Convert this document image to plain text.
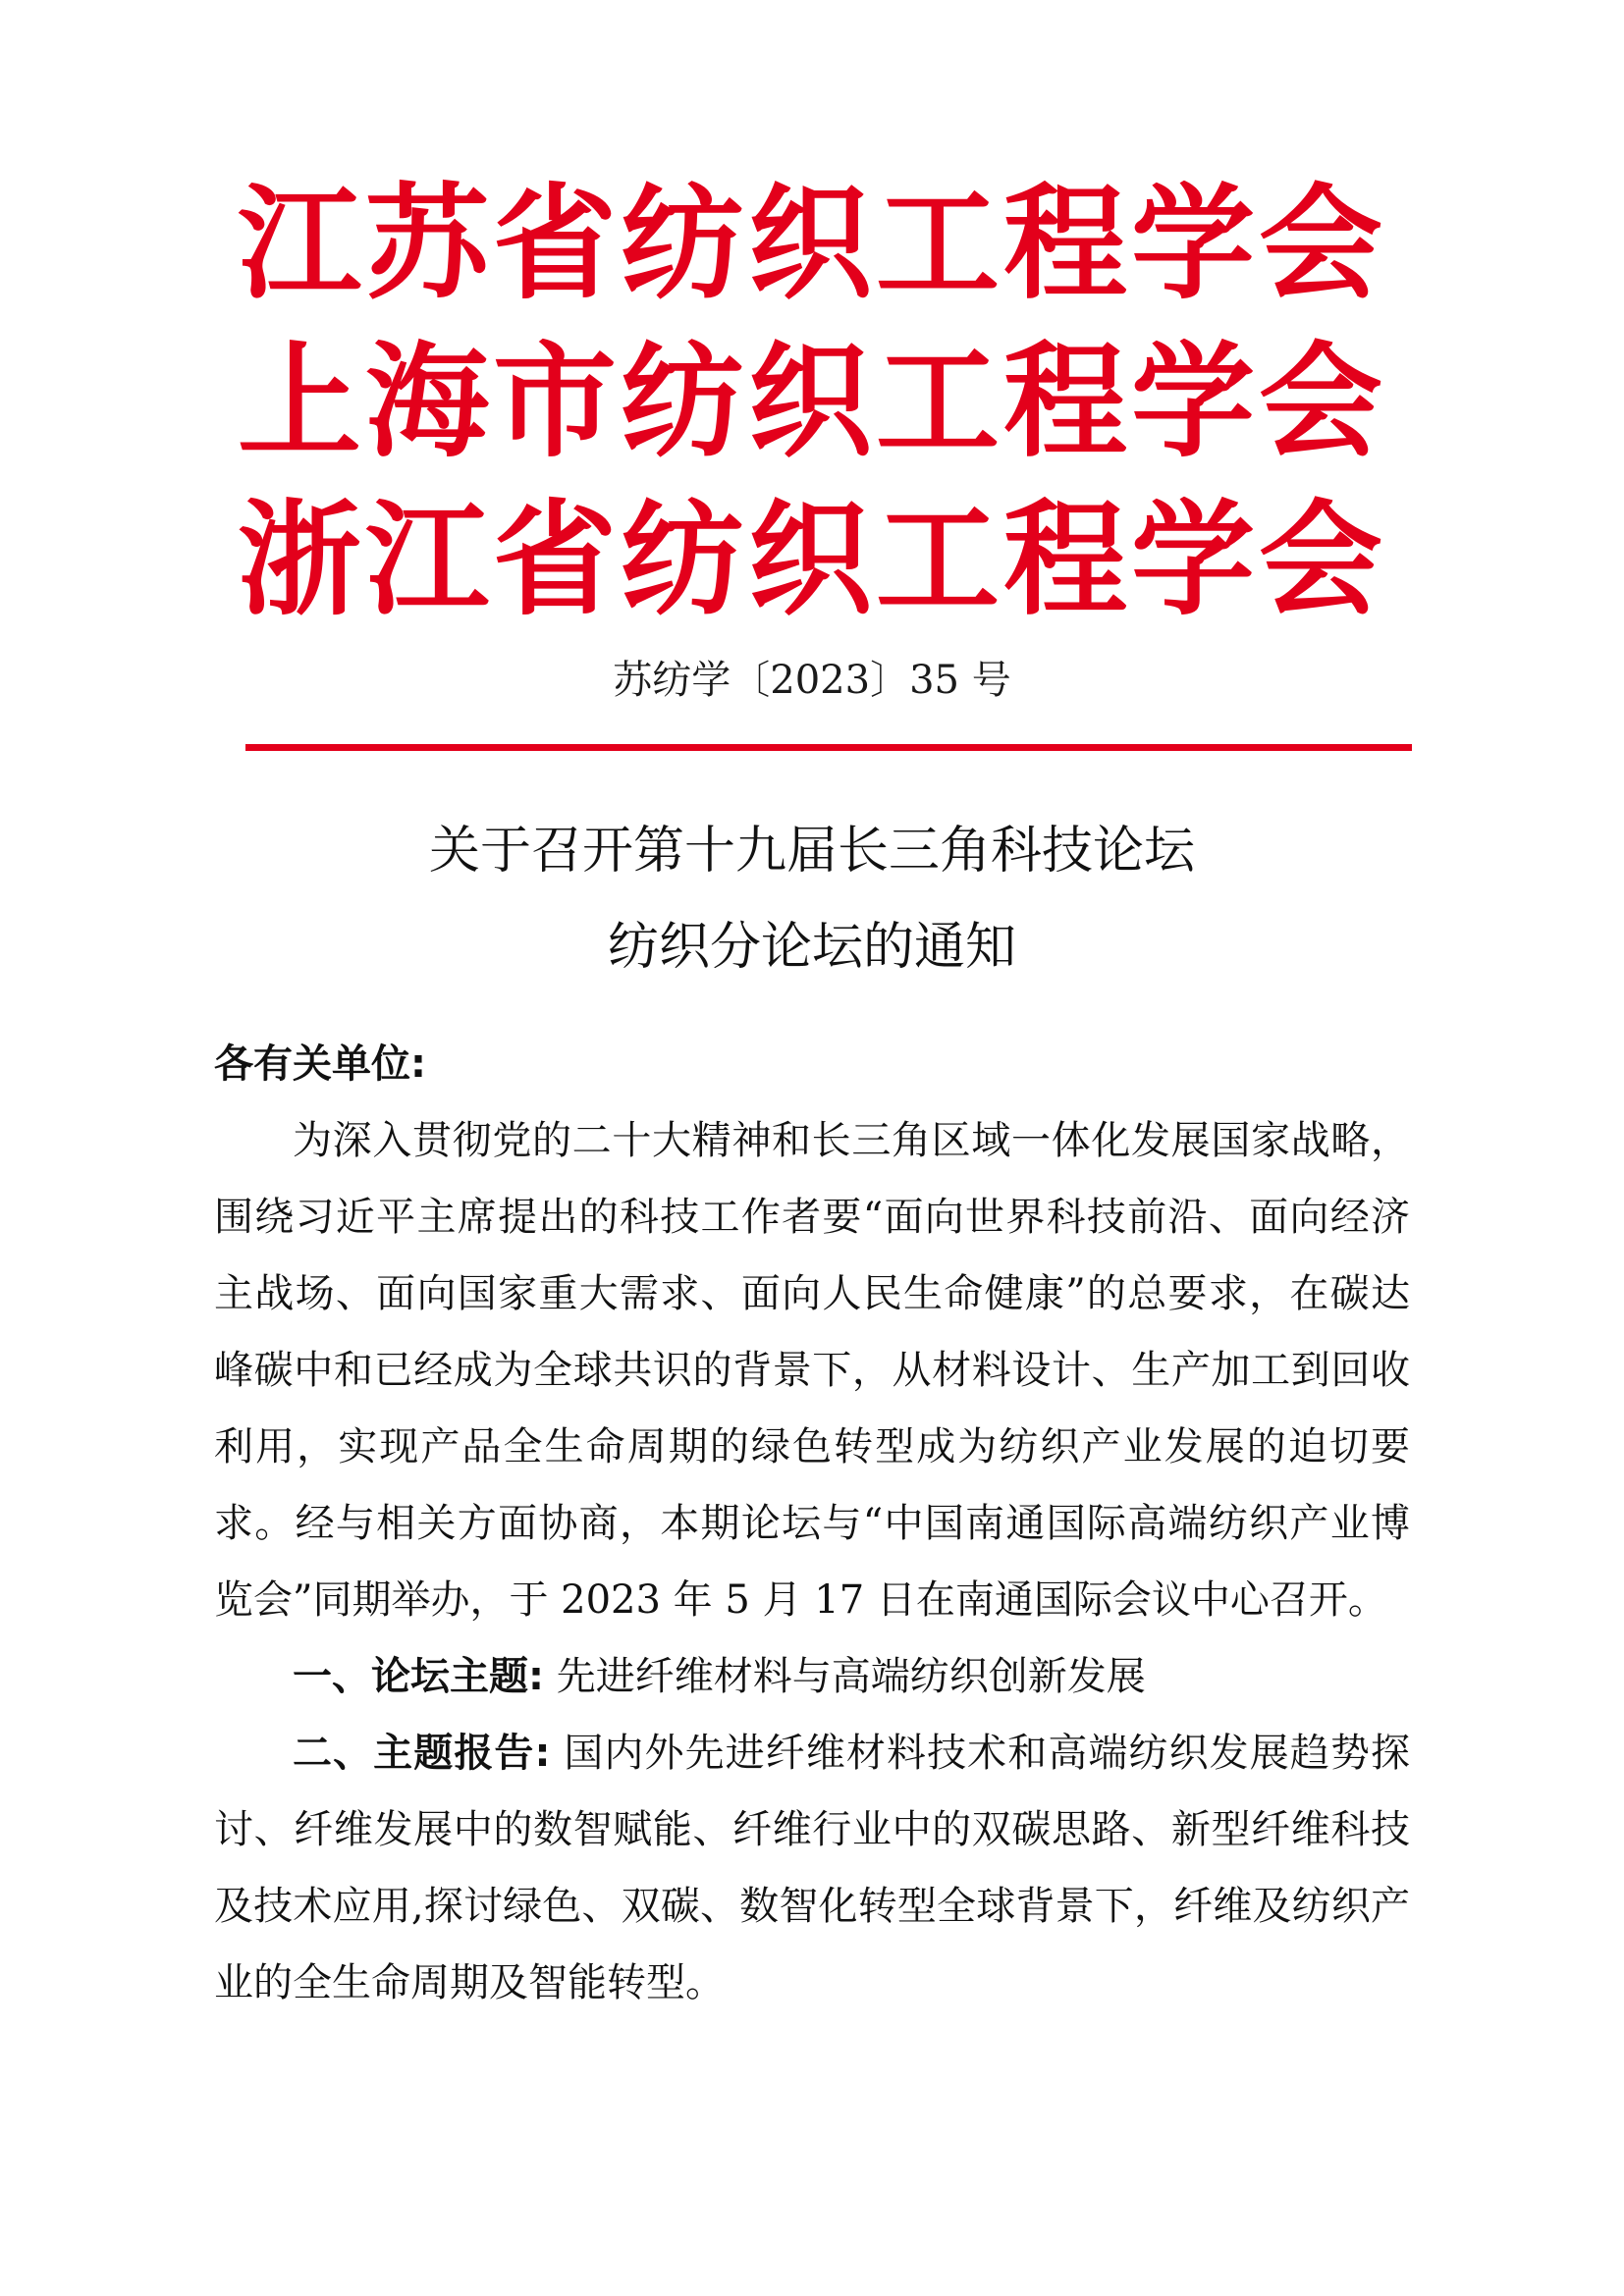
江苏省纺织工程学会
上海市纺织工程学会
浙江省纺织工程学会
苏纺学〔2023〕35 号
关于召开第十九届长三角科技论坛
纺织分论坛的通知
各有关单位:

为深入贯彻党的二十大精神和长三角区域一体化发展国家战略，围绕习近平主席提出的科技工作者要“面向世界科技前沿、面向经济主战场、面向国家重大需求、面向人民生命健康”的总要求，在碳达峰碳中和已经成为全球共识的背景下，从材料设计、生产加工到回收利用，实现产品全生命周期的绿色转型成为纺织产业发展的迫切要求。经与相关方面协商，本期论坛与“中国南通国际高端纺织产业博览会”同期举办，于 2023 年 5 月 17 日在南通国际会议中心召开。

一、论坛主题: 先进纤维材料与高端纺织创新发展

二、主题报告: 国内外先进纤维材料技术和高端纺织发展趋势探讨、纤维发展中的数智赋能、纤维行业中的双碳思路、新型纤维科技及技术应用,探讨绿色、双碳、数智化转型全球背景下，纤维及纺织产业的全生命周期及智能转型。
